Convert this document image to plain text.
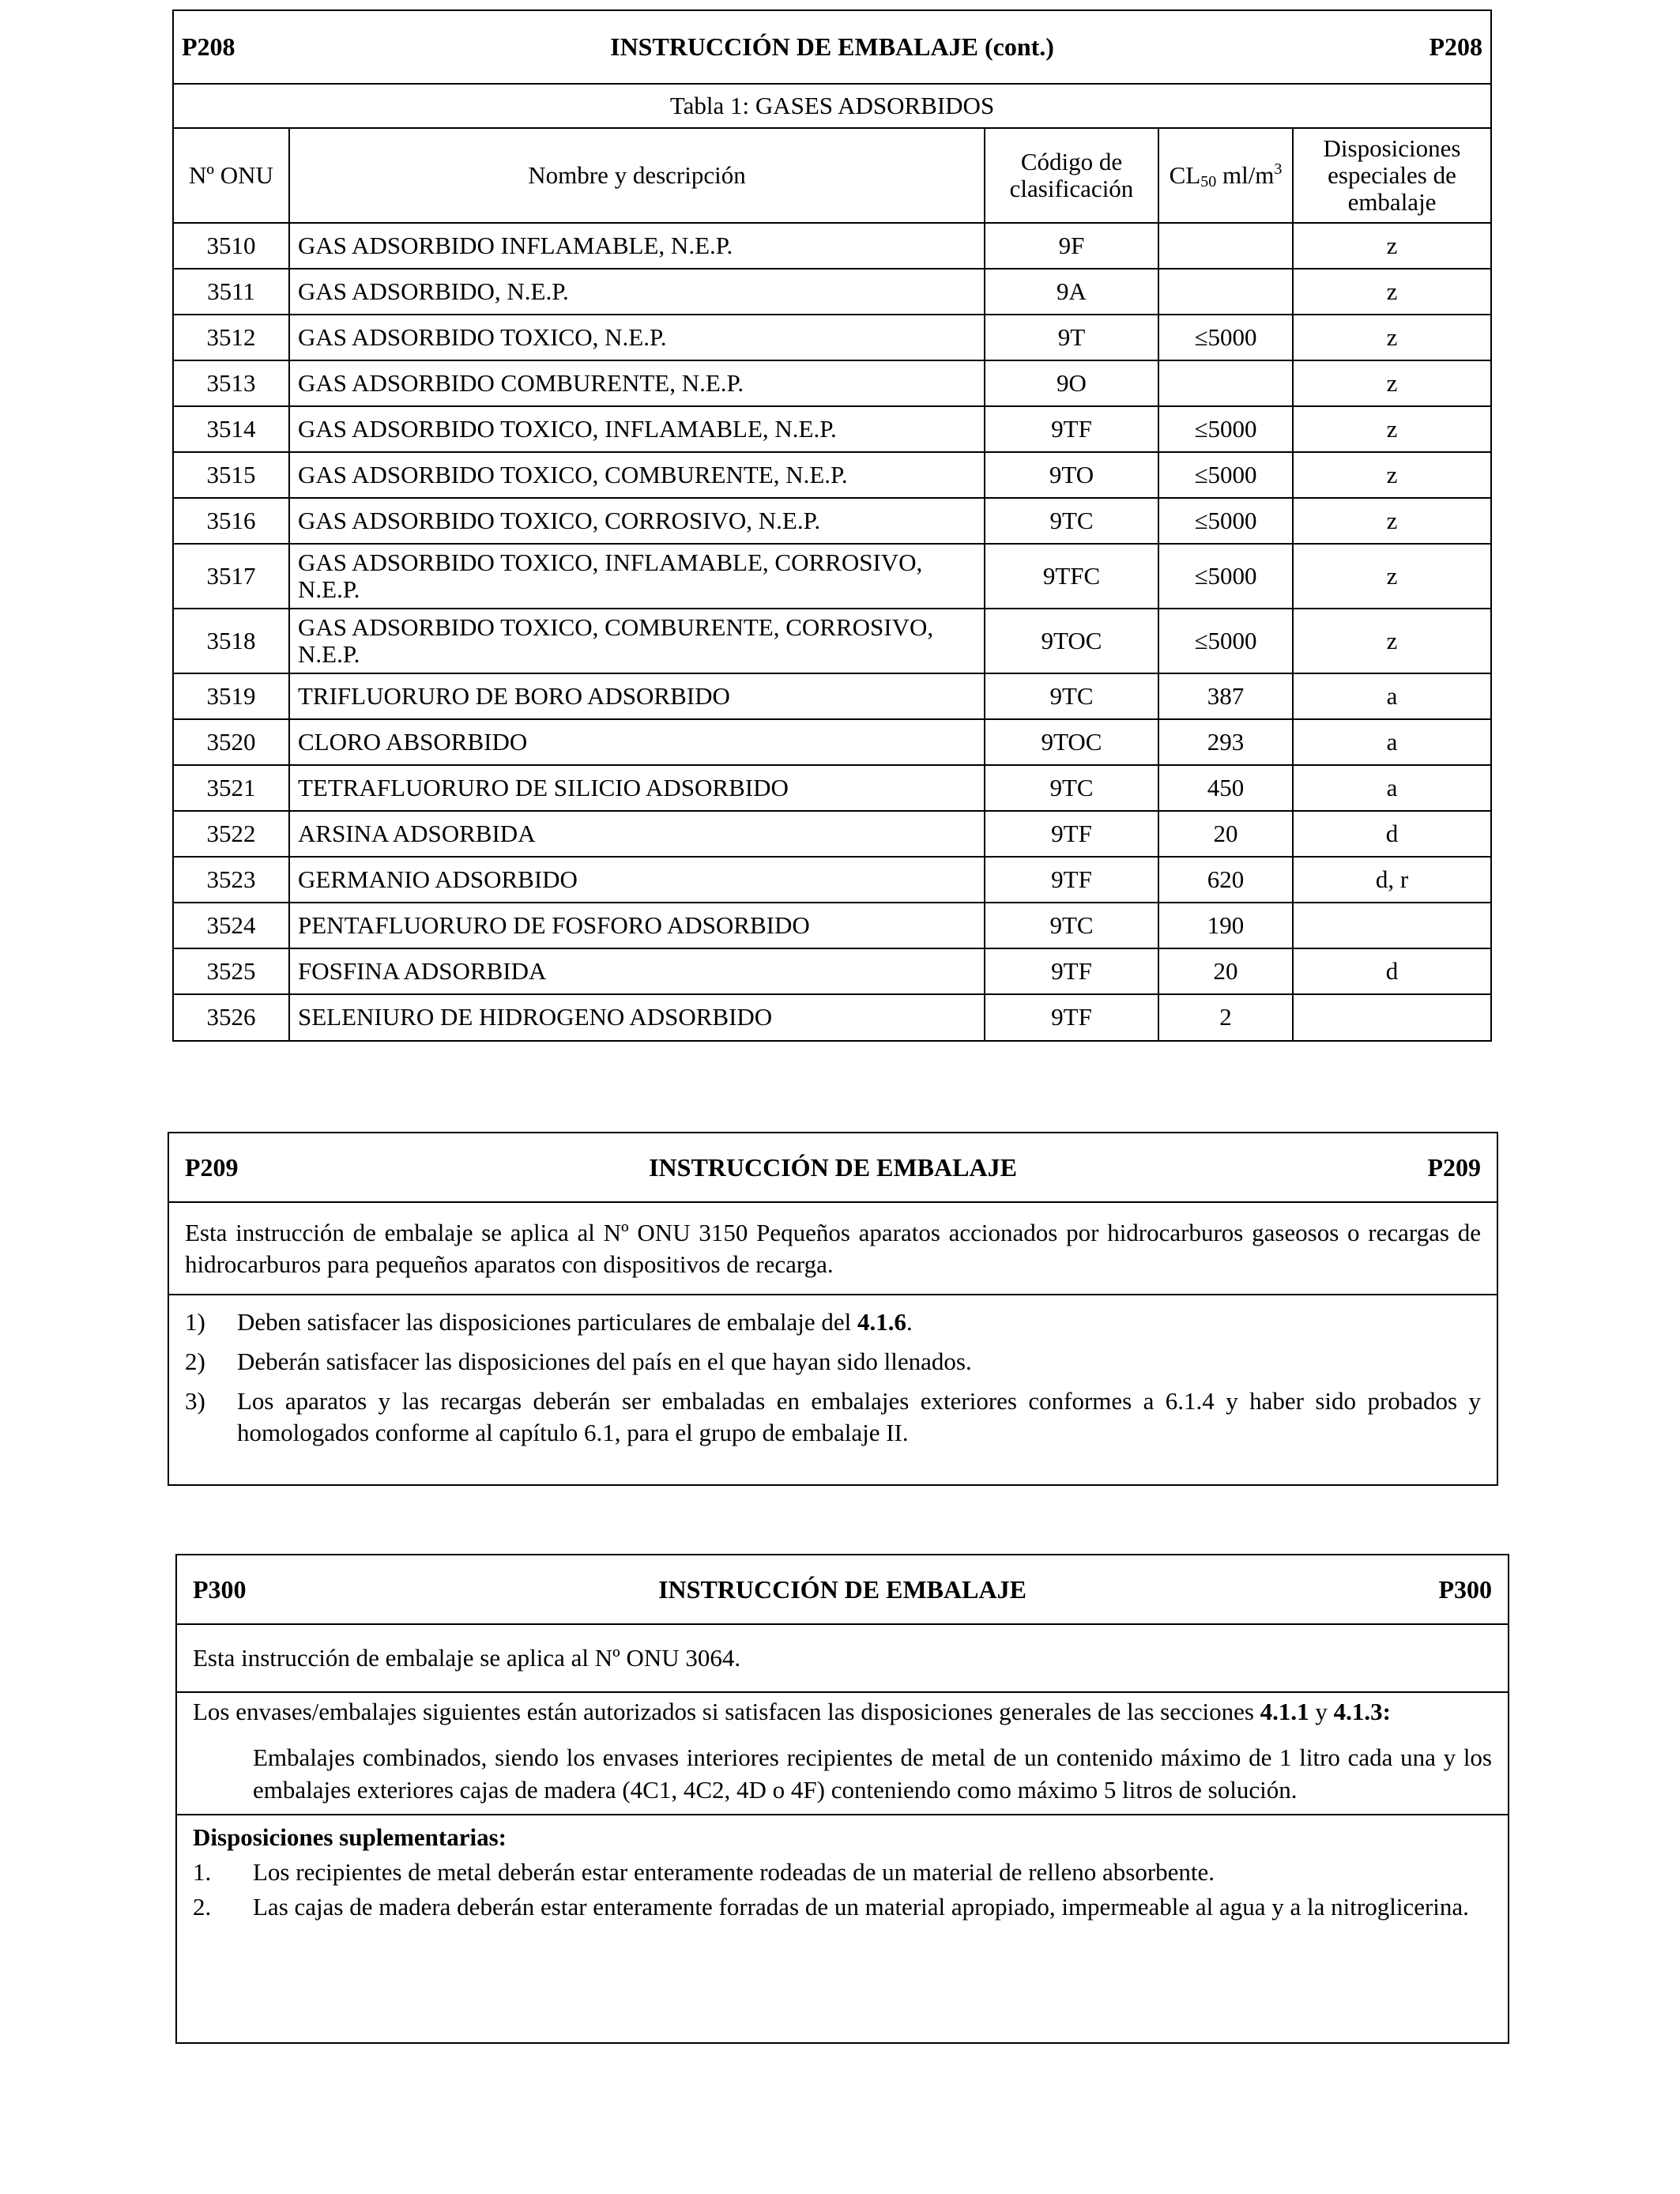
P208 INSTRUCCIÓN DE EMBALAJE (cont.) P208				

Tabla 1: GASES ADSORBIDOS				
Nº ONU	Nombre y descripción	Código de clasificación	$CL_{50}$ $ml/m^3$	Disposiciones especiales de embalaje
3510	GAS ADSORBIDO INFLAMABLE, N.E.P.	9F		z
3511	GAS ADSORBIDO, N.E.P.	9A		z
3512	GAS ADSORBIDO TOXICO, N.E.P.	9T	≤5000	z
3513	GAS ADSORBIDO COMBURENTE, N.E.P.	9O		z
3514	GAS ADSORBIDO TOXICO, INFLAMABLE, N.E.P.	9TF	≤5000	z
3515	GAS ADSORBIDO TOXICO, COMBURENTE, N.E.P.	9TO	≤5000	z
3516	GAS ADSORBIDO TOXICO, CORROSIVO, N.E.P.	9TC	≤5000	z
3517	GAS ADSORBIDO TOXICO, INFLAMABLE, CORROSIVO, N.E.P.	9TFC	≤5000	z
3518	GAS ADSORBIDO TOXICO, COMBURENTE, CORROSIVO, N.E.P.	9TOC	≤5000	z
3519	TRIFLUORURO DE BORO ADSORBIDO	9TC	387	a
3520	CLORO ABSORBIDO	9TOC	293	a
3521	TETRAFLUORURO DE SILICIO ADSORBIDO	9TC	450	a
3522	ARSINA ADSORBIDA	9TF	20	d
3523	GERMANIO ADSORBIDO	9TF	620	d, r
3524	PENTAFLUORURO DE FOSFORO ADSORBIDO	9TC	190	
3525	FOSFINA ADSORBIDA	9TF	20	d
3526	SELENIURO DE HIDROGENO ADSORBIDO	9TF	2	
P209	INSTRUCCIÓN DE EMBALAJE	P209
Esta instrucción de embalaje se aplica al Nº ONU 3150 Pequeños aparatos accionados por hidrocarburos gaseosos o recargas de hidrocarburos para pequeños aparatos con dispositivos de recarga.
1)	Deben satisfacer las disposiciones particulares de embalaje del 4.1.6.
2)	Deberán satisfacer las disposiciones del país en el que hayan sido llenados.
3)	Los aparatos y las recargas deberán ser embaladas en embalajes exteriores conformes a 6.1.4 y haber sido probados y homologados conforme al capítulo 6.1, para el grupo de embalaje II.
P300	INSTRUCCIÓN DE EMBALAJE	P300
Esta instrucción de embalaje se aplica al Nº ONU 3064.
Los envases/embalajes siguientes están autorizados si satisfacen las disposiciones generales de las secciones 4.1.1 y 4.1.3:
Embalajes combinados, siendo los envases interiores recipientes de metal de un contenido máximo de 1 litro cada una y los embalajes exteriores cajas de madera (4C1, 4C2, 4D o 4F) conteniendo como máximo 5 litros de solución.
Disposiciones suplementarias:
1.	Los recipientes de metal deberán estar enteramente rodeadas de un material de relleno absorbente.
2.	Las cajas de madera deberán estar enteramente forradas de un material apropiado, impermeable al agua y a la nitroglicerina.
